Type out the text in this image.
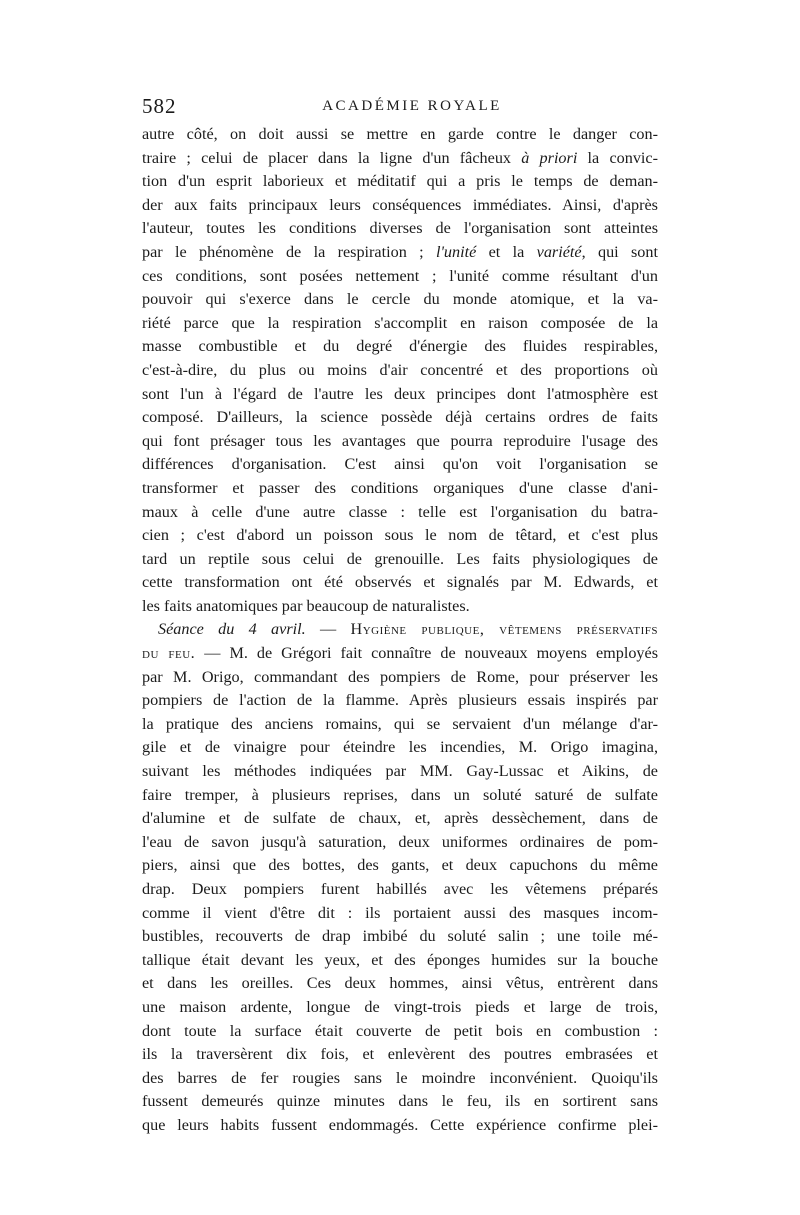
582	ACADÉMIE ROYALE
autre côté, on doit aussi se mettre en garde contre le danger con-
traire ; celui de placer dans la ligne d'un fâcheux à priori la convic-
tion d'un esprit laborieux et méditatif qui a pris le temps de deman-
der aux faits principaux leurs conséquences immédiates. Ainsi, d'après
l'auteur, toutes les conditions diverses de l'organisation sont atteintes
par le phénomène de la respiration ; l'unité et la variété, qui sont
ces conditions, sont posées nettement ; l'unité comme résultant d'un
pouvoir qui s'exerce dans le cercle du monde atomique, et la va-
riété parce que la respiration s'accomplit en raison composée de la
masse combustible et du degré d'énergie des fluides respirables,
c'est-à-dire, du plus ou moins d'air concentré et des proportions où
sont l'un à l'égard de l'autre les deux principes dont l'atmosphère est
composé. D'ailleurs, la science possède déjà certains ordres de faits
qui font présager tous les avantages que pourra reproduire l'usage des
différences d'organisation. C'est ainsi qu'on voit l'organisation se
transformer et passer des conditions organiques d'une classe d'ani-
maux à celle d'une autre classe : telle est l'organisation du batra-
cien ; c'est d'abord un poisson sous le nom de têtard, et c'est plus
tard un reptile sous celui de grenouille. Les faits physiologiques de
cette transformation ont été observés et signalés par M. Edwards, et
les faits anatomiques par beaucoup de naturalistes.
Séance du 4 avril. — Hygiène publique, vêtemens préservatifs
du feu. — M. de Grégori fait connaître de nouveaux moyens employés
par M. Origo, commandant des pompiers de Rome, pour préserver les
pompiers de l'action de la flamme. Après plusieurs essais inspirés par
la pratique des anciens romains, qui se servaient d'un mélange d'ar-
gile et de vinaigre pour éteindre les incendies, M. Origo imagina,
suivant les méthodes indiquées par MM. Gay-Lussac et Aikins, de
faire tremper, à plusieurs reprises, dans un soluté saturé de sulfate
d'alumine et de sulfate de chaux, et, après dessèchement, dans de
l'eau de savon jusqu'à saturation, deux uniformes ordinaires de pom-
piers, ainsi que des bottes, des gants, et deux capuchons du même
drap. Deux pompiers furent habillés avec les vêtemens préparés
comme il vient d'être dit : ils portaient aussi des masques incom-
bustibles, recouverts de drap imbibé du soluté salin ; une toile mé-
tallique était devant les yeux, et des éponges humides sur la bouche
et dans les oreilles. Ces deux hommes, ainsi vêtus, entrèrent dans
une maison ardente, longue de vingt-trois pieds et large de trois,
dont toute la surface était couverte de petit bois en combustion :
ils la traversèrent dix fois, et enlevèrent des poutres embrasées et
des barres de fer rougies sans le moindre inconvénient. Quoiqu'ils
fussent demeurés quinze minutes dans le feu, ils en sortirent sans
que leurs habits fussent endommagés. Cette expérience confirme plei-
